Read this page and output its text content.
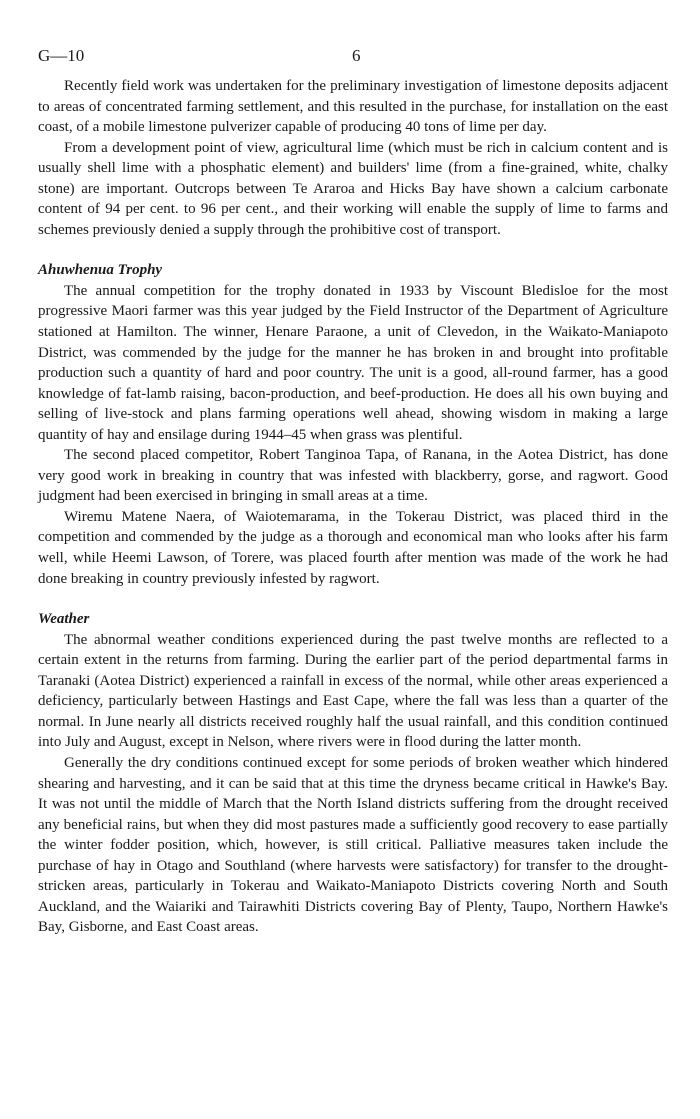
G—10	6

Recently field work was undertaken for the preliminary investigation of limestone deposits adjacent to areas of concentrated farming settlement, and this resulted in the purchase, for installation on the east coast, of a mobile limestone pulverizer capable of producing 40 tons of lime per day.

From a development point of view, agricultural lime (which must be rich in calcium content and is usually shell lime with a phosphatic element) and builders' lime (from a fine-grained, white, chalky stone) are important. Outcrops between Te Araroa and Hicks Bay have shown a calcium carbonate content of 94 per cent. to 96 per cent., and their working will enable the supply of lime to farms and schemes previously denied a supply through the prohibitive cost of transport.

Ahuwhenua Trophy

The annual competition for the trophy donated in 1933 by Viscount Bledisloe for the most progressive Maori farmer was this year judged by the Field Instructor of the Department of Agriculture stationed at Hamilton. The winner, Henare Paraone, a unit of Clevedon, in the Waikato-Maniapoto District, was commended by the judge for the manner he has broken in and brought into profitable production such a quantity of hard and poor country. The unit is a good, all-round farmer, has a good knowledge of fat-lamb raising, bacon-production, and beef-production. He does all his own buying and selling of live-stock and plans farming operations well ahead, showing wisdom in making a large quantity of hay and ensilage during 1944–45 when grass was plentiful.

The second placed competitor, Robert Tanginoa Tapa, of Ranana, in the Aotea District, has done very good work in breaking in country that was infested with blackberry, gorse, and ragwort. Good judgment had been exercised in bringing in small areas at a time.

Wiremu Matene Naera, of Waiotemarama, in the Tokerau District, was placed third in the competition and commended by the judge as a thorough and economical man who looks after his farm well, while Heemi Lawson, of Torere, was placed fourth after mention was made of the work he had done breaking in country previously infested by ragwort.

Weather

The abnormal weather conditions experienced during the past twelve months are reflected to a certain extent in the returns from farming. During the earlier part of the period departmental farms in Taranaki (Aotea District) experienced a rainfall in excess of the normal, while other areas experienced a deficiency, particularly between Hastings and East Cape, where the fall was less than a quarter of the normal. In June nearly all districts received roughly half the usual rainfall, and this condition continued into July and August, except in Nelson, where rivers were in flood during the latter month.

Generally the dry conditions continued except for some periods of broken weather which hindered shearing and harvesting, and it can be said that at this time the dryness became critical in Hawke's Bay. It was not until the middle of March that the North Island districts suffering from the drought received any beneficial rains, but when they did most pastures made a sufficiently good recovery to ease partially the winter fodder position, which, however, is still critical. Palliative measures taken include the purchase of hay in Otago and Southland (where harvests were satisfactory) for transfer to the drought-stricken areas, particularly in Tokerau and Waikato-Maniapoto Districts covering North and South Auckland, and the Waiariki and Tairawhiti Districts covering Bay of Plenty, Taupo, Northern Hawke's Bay, Gisborne, and East Coast areas.
